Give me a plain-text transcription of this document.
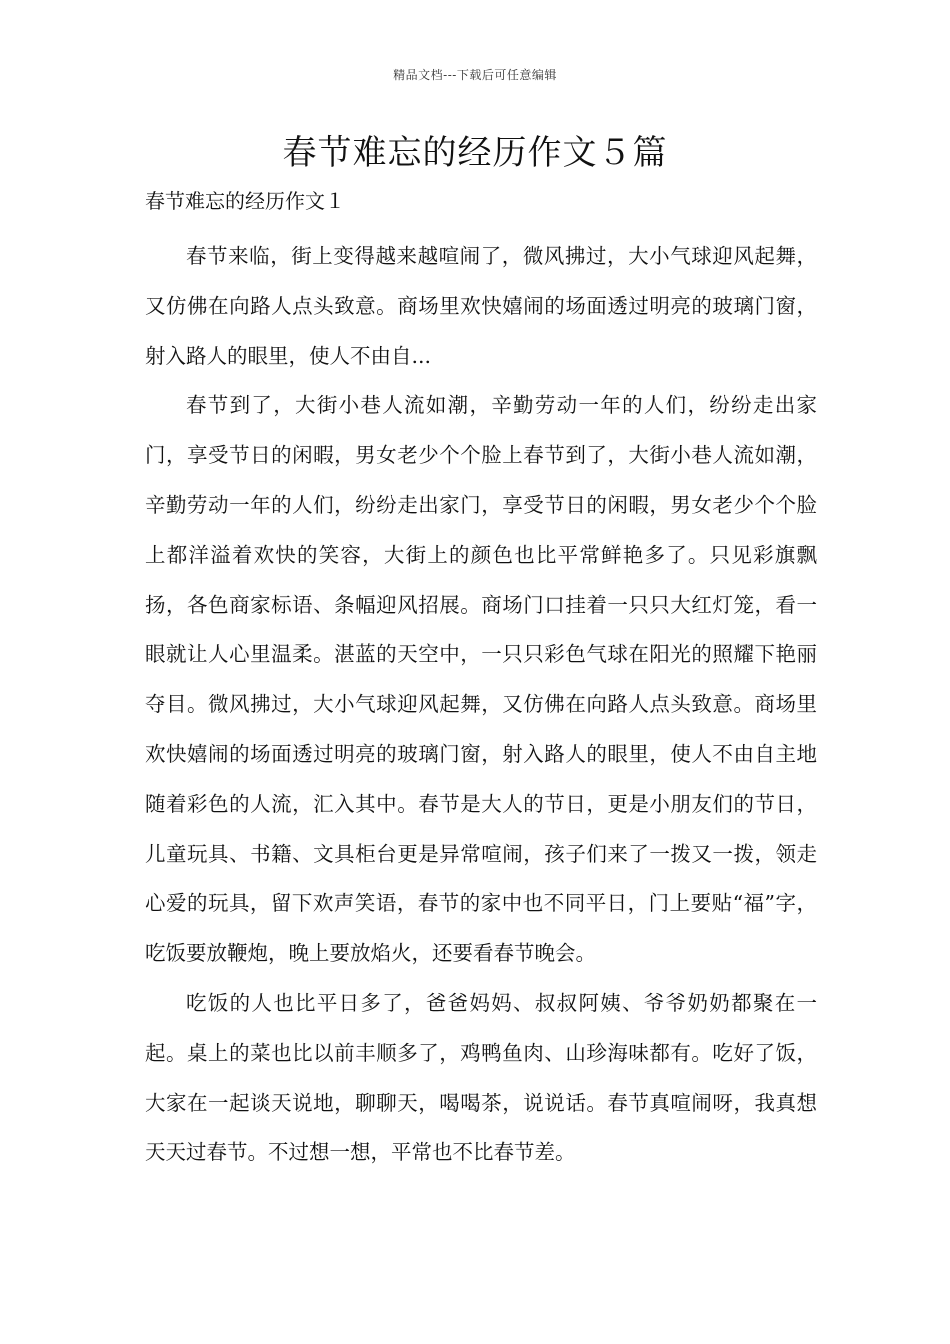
精品文档---下载后可任意编辑
春节难忘的经历作文５篇
春节难忘的经历作文１

春节来临，街上变得越来越喧闹了，微风拂过，大小气球迎风起舞，又仿佛在向路人点头致意。商场里欢快嬉闹的场面透过明亮的玻璃门窗，射入路人的眼里，使人不由自...

春节到了，大街小巷人流如潮，辛勤劳动一年的人们，纷纷走出家门，享受节日的闲暇，男女老少个个脸上春节到了，大街小巷人流如潮，辛勤劳动一年的人们，纷纷走出家门，享受节日的闲暇，男女老少个个脸上都洋溢着欢快的笑容，大街上的颜色也比平常鲜艳多了。只见彩旗飘扬，各色商家标语、条幅迎风招展。商场门口挂着一只只大红灯笼，看一眼就让人心里温柔。湛蓝的天空中，一只只彩色气球在阳光的照耀下艳丽夺目。微风拂过，大小气球迎风起舞，又仿佛在向路人点头致意。商场里欢快嬉闹的场面透过明亮的玻璃门窗，射入路人的眼里，使人不由自主地随着彩色的人流，汇入其中。春节是大人的节日，更是小朋友们的节日，儿童玩具、书籍、文具柜台更是异常喧闹，孩子们来了一拨又一拨，领走心爱的玩具，留下欢声笑语，春节的家中也不同平日，门上要贴“福”字，吃饭要放鞭炮，晚上要放焰火，还要看春节晚会。

吃饭的人也比平日多了，爸爸妈妈、叔叔阿姨、爷爷奶奶都聚在一起。桌上的菜也比以前丰顺多了，鸡鸭鱼肉、山珍海味都有。吃好了饭，大家在一起谈天说地，聊聊天，喝喝茶，说说话。春节真喧闹呀，我真想天天过春节。不过想一想，平常也不比春节差。
